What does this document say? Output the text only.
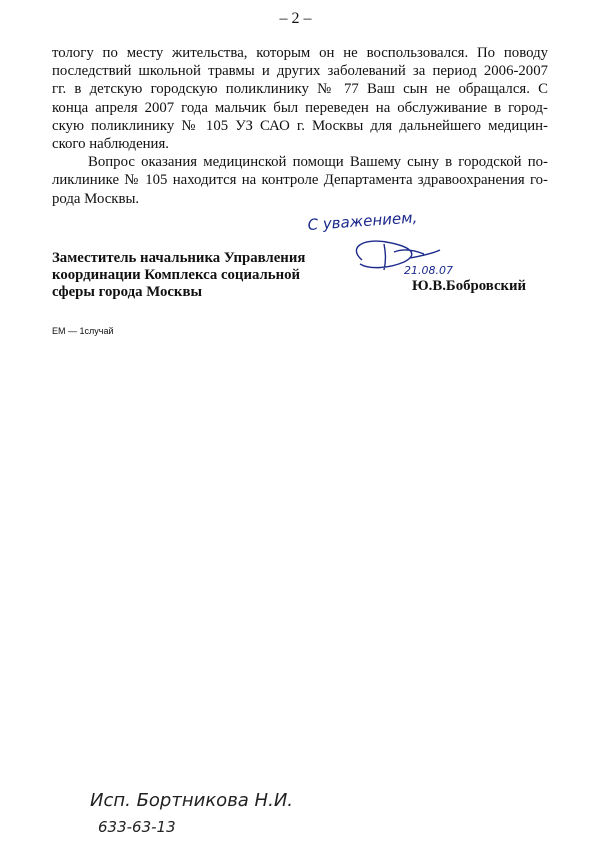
– 2 –
тологу по месту жительства, которым он не воспользовался. По поводу
последствий школьной травмы и других заболеваний за период 2006-2007
гг. в детскую городскую поликлинику № 77 Ваш сын не обращался. С
конца апреля 2007 года мальчик был переведен на обслуживание в город-
скую поликлинику № 105 УЗ САО г. Москвы для дальнейшего медицин-
ского наблюдения.
Вопрос оказания медицинской помощи Вашему сыну в городской по-
ликлинике № 105 находится на контроле Департамента здравоохранения го-
рода Москвы.
С уважением,
21.08.07
Заместитель начальника Управления
координации Комплекса социальной
сферы города Москвы	Ю.В.Бобровский
ЕМ — 1случай
Исп. Бортникова Н.И.
633-63-13
